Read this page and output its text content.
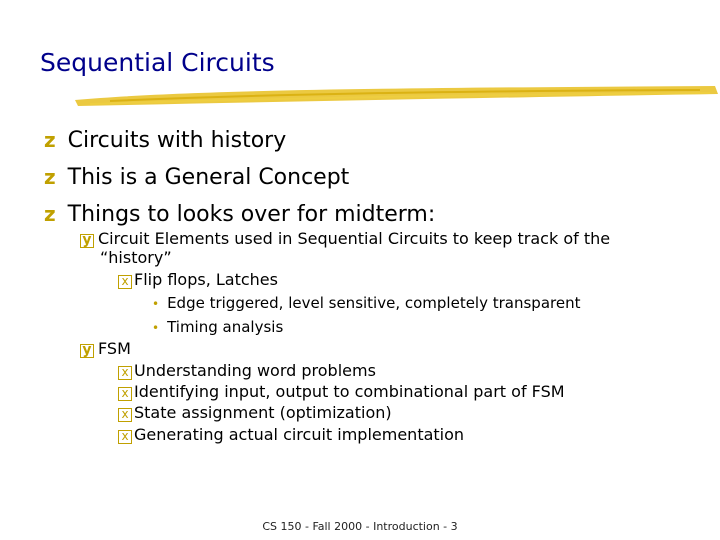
Sequential Circuits
z Circuits with history
z This is a General Concept
z Things to looks over for midterm:
y Circuit Elements used in Sequential Circuits to keep track of the
“history”
x Flip flops, Latches
• Edge triggered, level sensitive, completely transparent
• Timing analysis
y FSM
x Understanding word problems
x Identifying input, output to combinational part of FSM
x State assignment (optimization)
x Generating actual circuit implementation
CS 150 - Fall 2000 - Introduction - 3
